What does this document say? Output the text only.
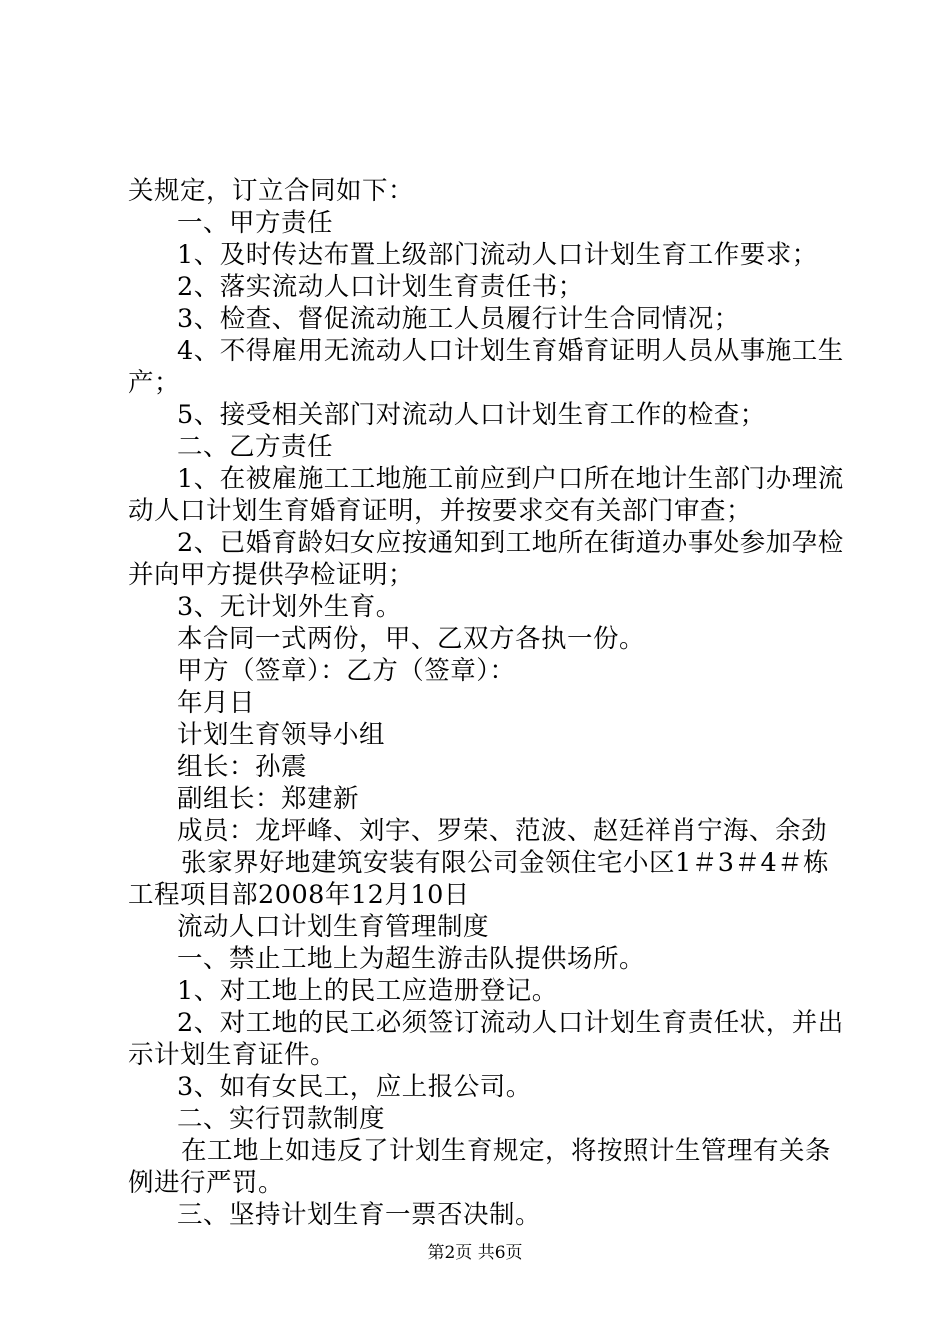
关规定，订立合同如下：
一、甲方责任
1、及时传达布置上级部门流动人口计划生育工作要求；
2、落实流动人口计划生育责任书；
3、检查、督促流动施工人员履行计生合同情况；
4、不得雇用无流动人口计划生育婚育证明人员从事施工生
产；
5、接受相关部门对流动人口计划生育工作的检查；
二、乙方责任
1、在被雇施工工地施工前应到户口所在地计生部门办理流
动人口计划生育婚育证明，并按要求交有关部门审查；
2、已婚育龄妇女应按通知到工地所在街道办事处参加孕检
并向甲方提供孕检证明；
3、无计划外生育。
本合同一式两份，甲、乙双方各执一份。
甲方（签章）：乙方（签章）：
年月日
计划生育领导小组
组长：孙震
副组长：郑建新
成员：龙坪峰、刘宇、罗荣、范波、赵廷祥肖宁海、余劲
张家界好地建筑安装有限公司金领住宅小区1＃3＃4＃栋
工程项目部2008年12月10日
流动人口计划生育管理制度
一、禁止工地上为超生游击队提供场所。
1、对工地上的民工应造册登记。
2、对工地的民工必须签订流动人口计划生育责任状，并出
示计划生育证件。
3、如有女民工，应上报公司。
二、实行罚款制度
在工地上如违反了计划生育规定，将按照计生管理有关条
例进行严罚。
三、坚持计划生育一票否决制。
第2页 共6页
